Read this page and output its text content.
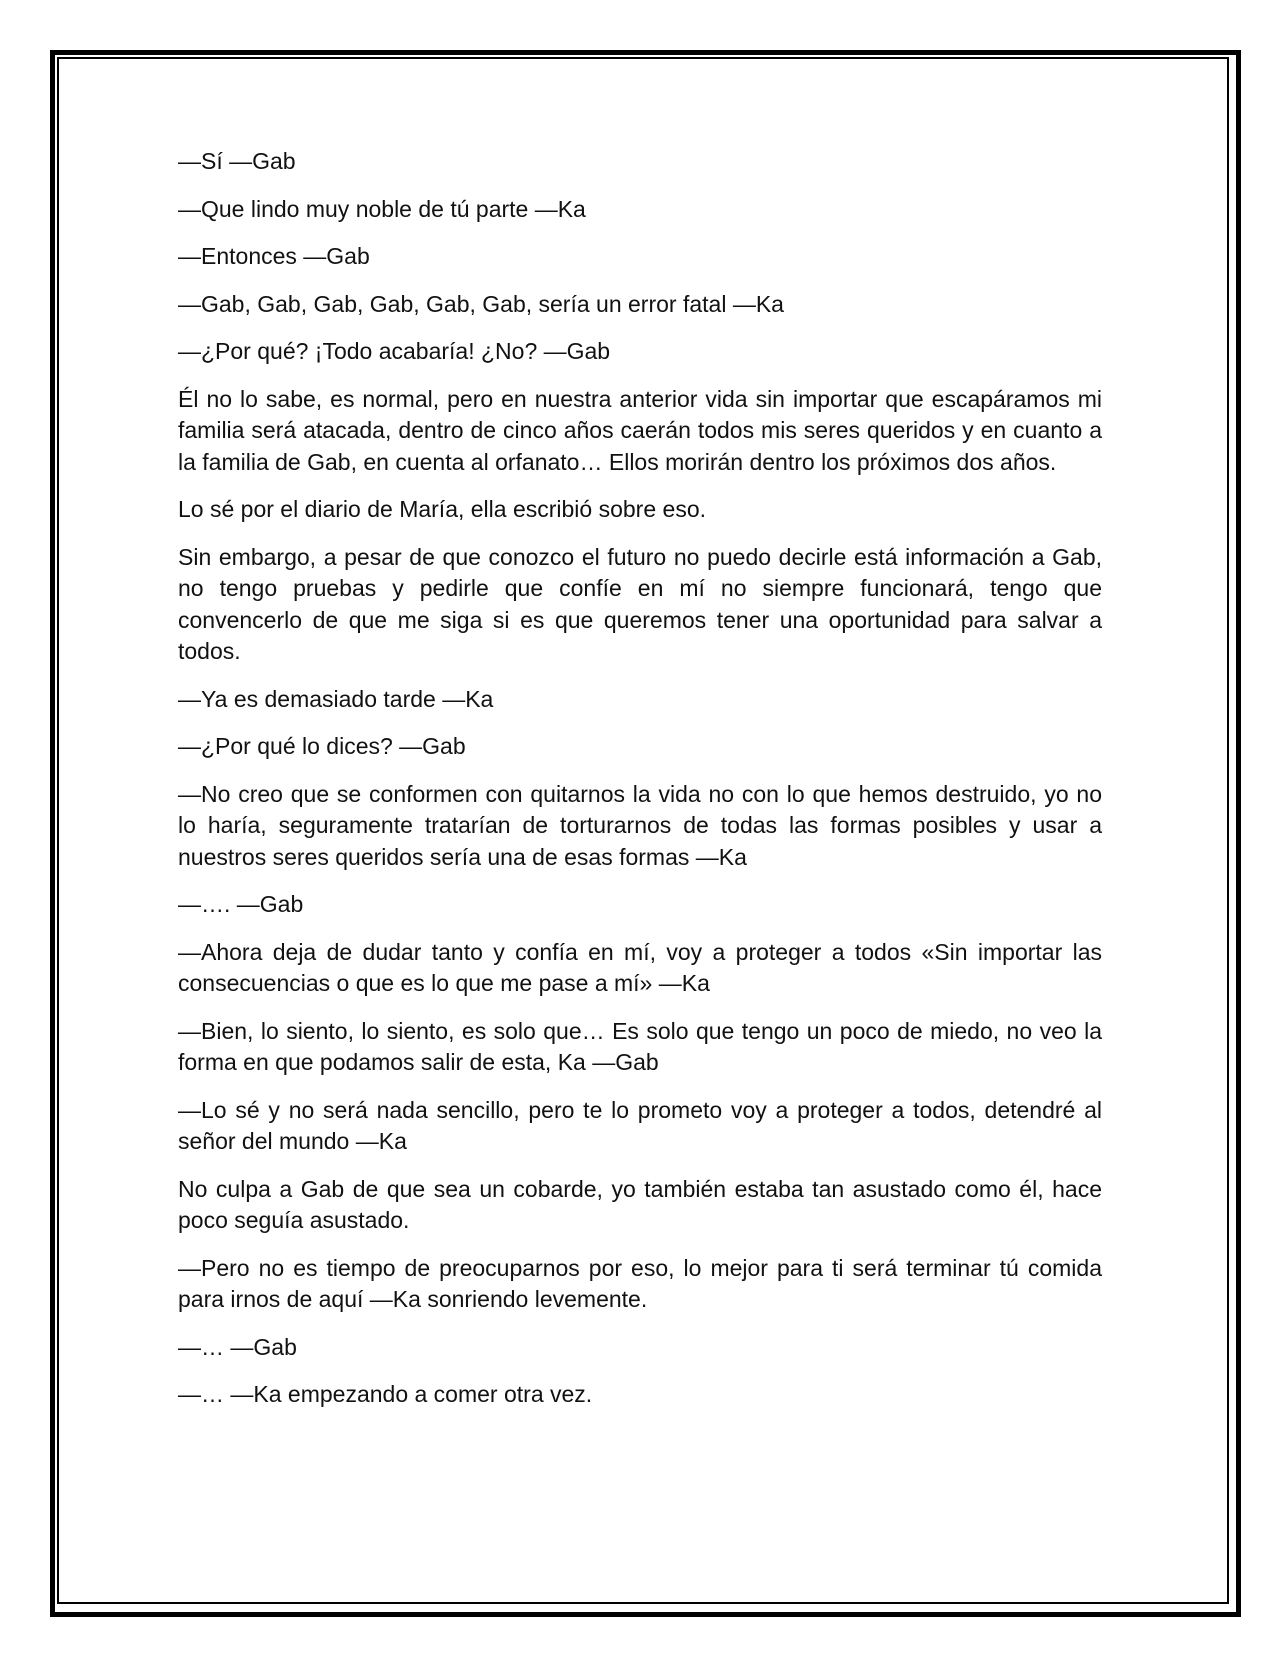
—Sí —Gab

—Que lindo muy noble de tú parte —Ka

—Entonces —Gab

—Gab, Gab, Gab, Gab, Gab, Gab, sería un error fatal —Ka

—¿Por qué? ¡Todo acabaría! ¿No? —Gab

Él no lo sabe, es normal, pero en nuestra anterior vida sin importar que escapáramos mi familia será atacada, dentro de cinco años caerán todos mis seres queridos y en cuanto a la familia de Gab, en cuenta al orfanato… Ellos morirán dentro los próximos dos años.

Lo sé por el diario de María, ella escribió sobre eso.

Sin embargo, a pesar de que conozco el futuro no puedo decirle está información a Gab, no tengo pruebas y pedirle que confíe en mí no siempre funcionará, tengo que convencerlo de que me siga si es que queremos tener una oportunidad para salvar a todos.

—Ya es demasiado tarde —Ka

—¿Por qué lo dices? —Gab

—No creo que se conformen con quitarnos la vida no con lo que hemos destruido, yo no lo haría, seguramente tratarían de torturarnos de todas las formas posibles y usar a nuestros seres queridos sería una de esas formas —Ka

—…. —Gab

—Ahora deja de dudar tanto y confía en mí, voy a proteger a todos «Sin importar las consecuencias o que es lo que me pase a mí» —Ka

—Bien, lo siento, lo siento, es solo que… Es solo que tengo un poco de miedo, no veo la forma en que podamos salir de esta, Ka —Gab

—Lo sé y no será nada sencillo, pero te lo prometo voy a proteger a todos, detendré al señor del mundo —Ka

No culpa a Gab de que sea un cobarde, yo también estaba tan asustado como él, hace poco seguía asustado.

—Pero no es tiempo de preocuparnos por eso, lo mejor para ti será terminar tú comida para irnos de aquí —Ka sonriendo levemente.

—… —Gab

—… —Ka empezando a comer otra vez.
